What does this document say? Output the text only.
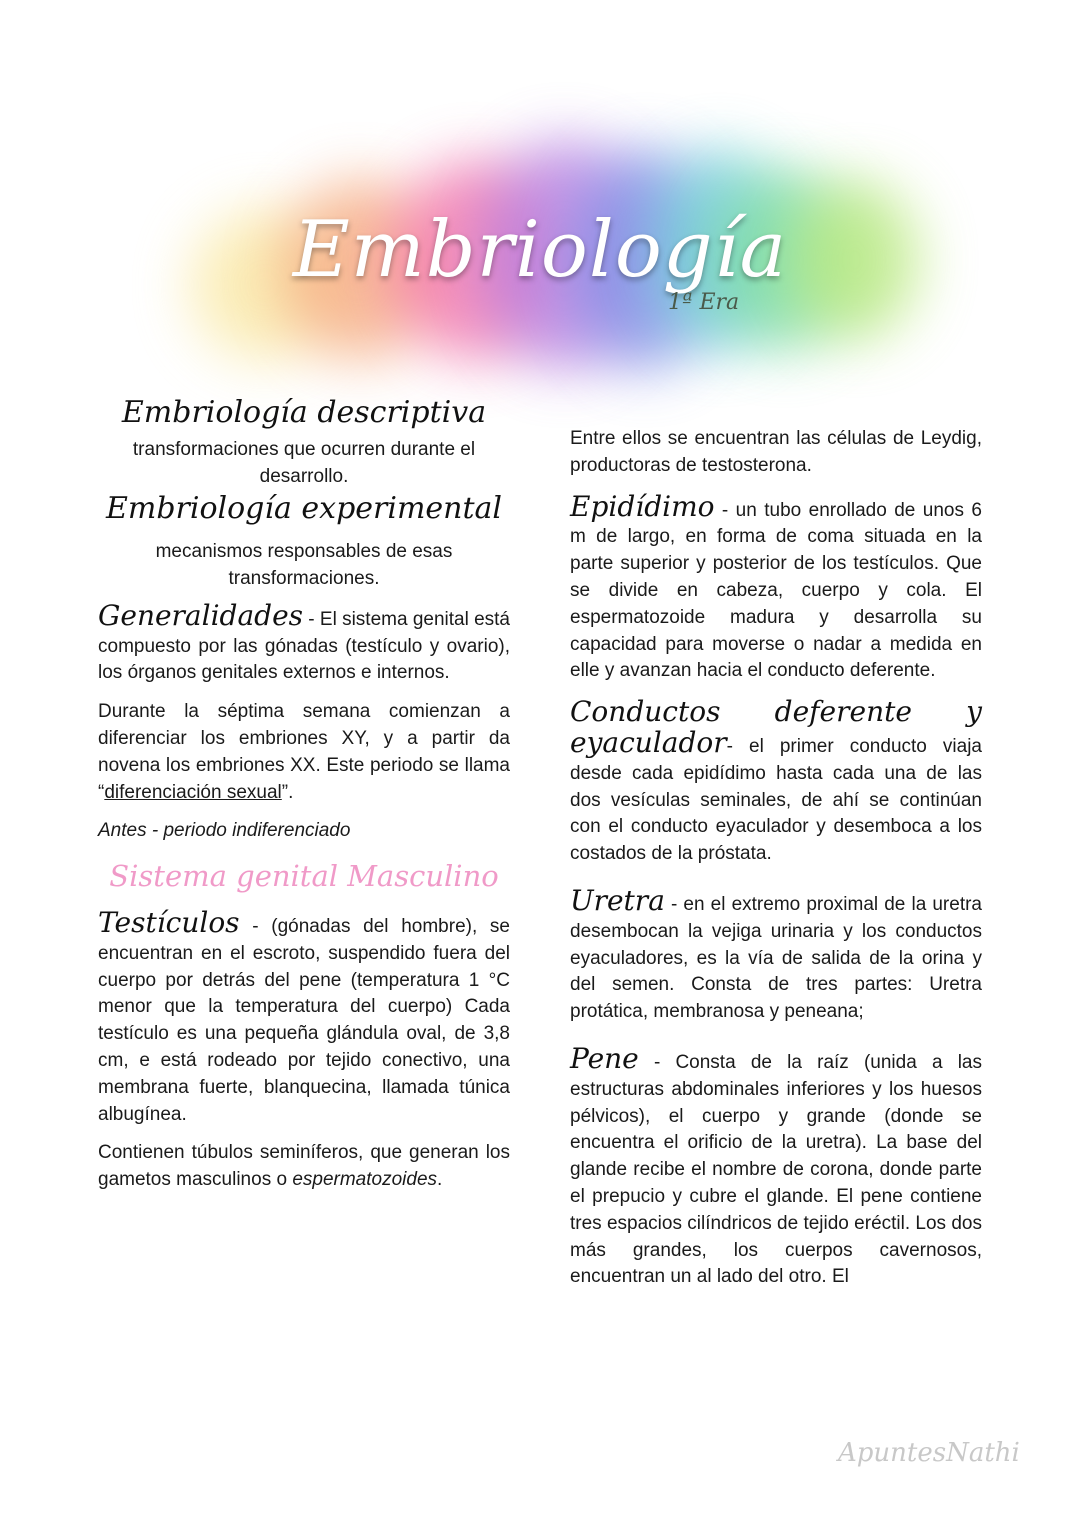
Embriología
1ª Era
Embriología descriptiva
transformaciones que ocurren durante el desarrollo.
Embriología experimental
mecanismos responsables de esas transformaciones.

Generalidades - El sistema genital está compuesto por las gónadas (testículo y ovario), los órganos genitales externos e internos.

Durante la séptima semana comienzan a diferenciar los embriones XY, y a partir da novena los embriones XX. Este periodo se llama “diferenciación sexual”.

Antes - periodo indiferenciado

Sistema genital Masculino

Testículos - (gónadas del hombre), se encuentran en el escroto, suspendido fuera del cuerpo por detrás del pene (temperatura 1 °C menor que la temperatura del cuerpo) Cada testículo es una pequeña glándula oval, de 3,8 cm, e está rodeado por tejido conectivo, una membrana fuerte, blanquecina, llamada túnica albugínea.

Contienen túbulos seminíferos, que generan los gametos masculinos o espermatozoides.

Entre ellos se encuentran las células de Leydig, productoras de testosterona.

Epidídimo - un tubo enrollado de unos 6 m de largo, en forma de coma situada en la parte superior y posterior de los testículos. Que se divide en cabeza, cuerpo y cola. El espermatozoide madura y desarrolla su capacidad para moverse o nadar a medida en elle y avanzan hacia el conducto deferente.

Conductos deferente y eyaculador- el primer conducto viaja desde cada epidídimo hasta cada una de las dos vesículas seminales, de ahí se continúan con el conducto eyaculador y desemboca a los costados de la próstata.

Uretra - en el extremo proximal de la uretra desembocan la vejiga urinaria y los conductos eyaculadores, es la vía de salida de la orina y del semen. Consta de tres partes: Uretra protática, membranosa y peneana;

Pene - Consta de la raíz (unida a las estructuras abdominales inferiores y los huesos pélvicos), el cuerpo y grande (donde se encuentra el orificio de la uretra). La base del glande recibe el nombre de corona, donde parte el prepucio y cubre el glande. El pene contiene tres espacios cilíndricos de tejido eréctil. Los dos más grandes, los cuerpos cavernosos, encuentran un al lado del otro. El

ApuntesNathi
